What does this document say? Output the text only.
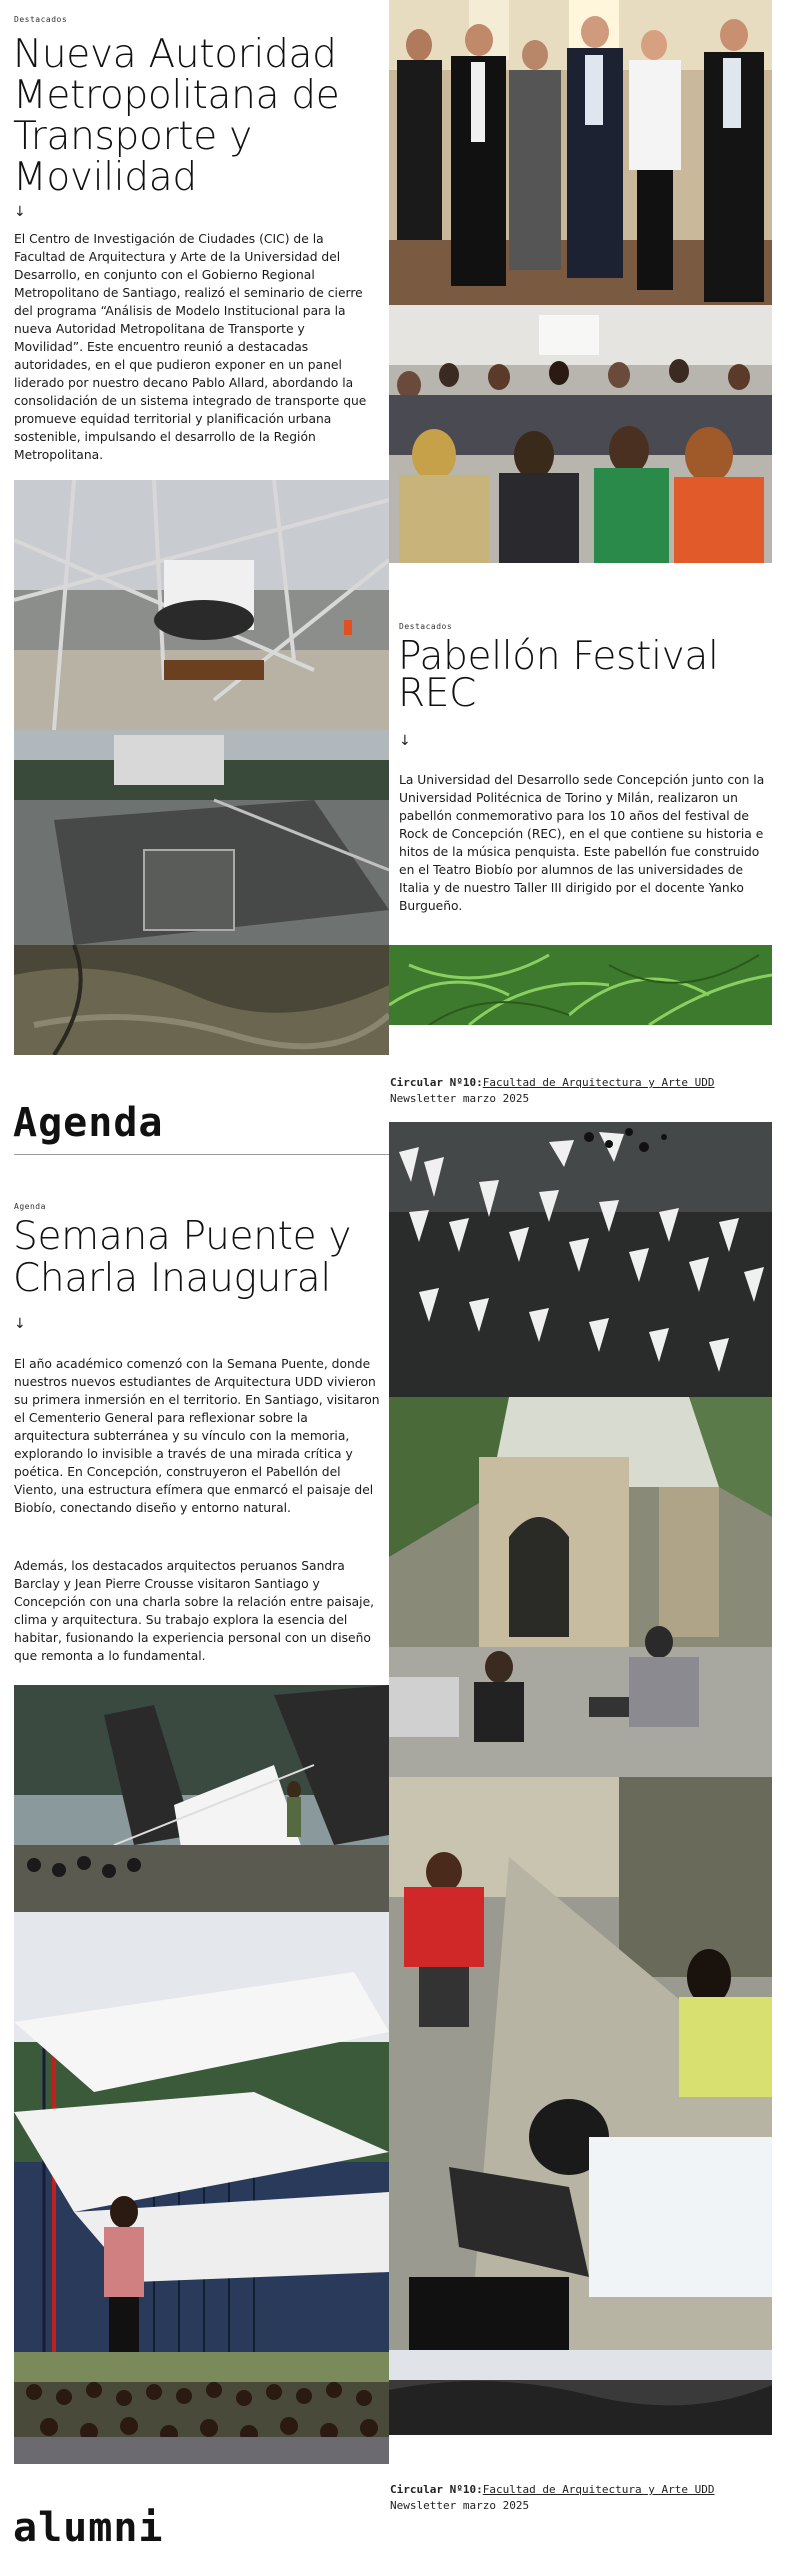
Destacados
Nueva Autoridad Metropolitana de Transporte y Movilidad
↓

El Centro de Investigación de Ciudades (CIC) de la Facultad de Arquitectura y Arte de la Universidad del Desarrollo, en conjunto con el Gobierno Regional Metropolitano de Santiago, realizó el seminario de cierre del programa “Análisis de Modelo Institucional para la nueva Autoridad Metropolitana de Transporte y Movilidad”. Este encuentro reunió a destacadas autoridades, en el que pudieron exponer en un panel liderado por nuestro decano Pablo Allard, abordando la consolidación de un sistema integrado de transporte que promueve equidad territorial y planificación urbana sostenible, impulsando el desarrollo de la Región Metropolitana.

Destacados
Pabellón Festival REC
↓

La Universidad del Desarrollo sede Concepción junto con la Universidad Politécnica de Torino y Milán, realizaron un pabellón conmemorativo para los 10 años del festival de Rock de Concepción (REC), en el que contiene su historia e hitos de la música penquista. Este pabellón fue construido en el Teatro Biobío por alumnos de las universidades de Italia y de nuestro Taller III dirigido por el docente Yanko Burgueño.

Circular Nº10:Facultad de Arquitectura y Arte UDD
Newsletter marzo 2025
Agenda
Agenda
Semana Puente y Charla Inaugural
↓

El año académico comenzó con la Semana Puente, donde nuestros nuevos estudiantes de Arquitectura UDD vivieron su primera inmersión en el territorio. En Santiago, visitaron el Cementerio General para reflexionar sobre la arquitectura subterránea y su vínculo con la memoria, explorando lo invisible a través de una mirada crítica y poética. En Concepción, construyeron el Pabellón del Viento, una estructura efímera que enmarcó el paisaje del Biobío, conectando diseño y entorno natural.

Además, los destacados arquitectos peruanos Sandra Barclay y Jean Pierre Crousse visitaron Santiago y Concepción con una charla sobre la relación entre paisaje, clima y arquitectura. Su trabajo explora la esencia del habitar, fusionando la experiencia personal con un diseño que remonta a lo fundamental.

Circular Nº10:Facultad de Arquitectura y Arte UDD
Newsletter marzo 2025
alumni
